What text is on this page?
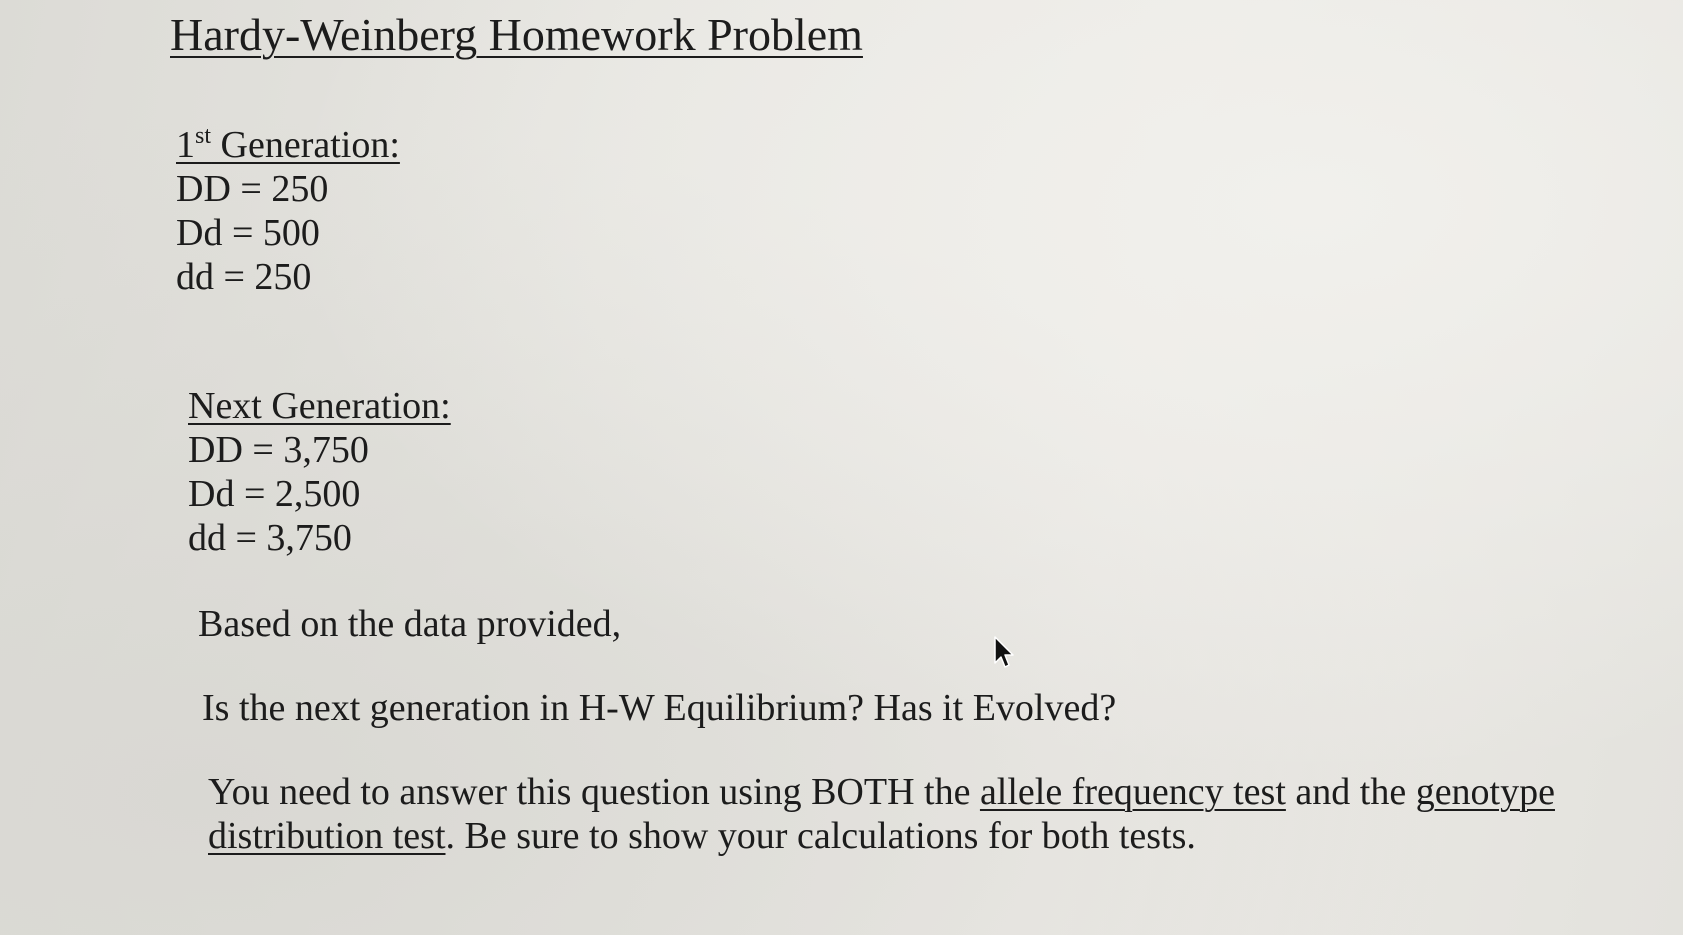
Hardy-Weinberg Homework Problem
1st Generation:
DD = 250
Dd = 500
dd = 250
Next Generation:
DD = 3,750
Dd = 2,500
dd = 3,750
Based on the data provided,
Is the next generation in H-W Equilibrium? Has it Evolved?
You need to answer this question using BOTH the allele frequency test and the genotype
distribution test. Be sure to show your calculations for both tests.
